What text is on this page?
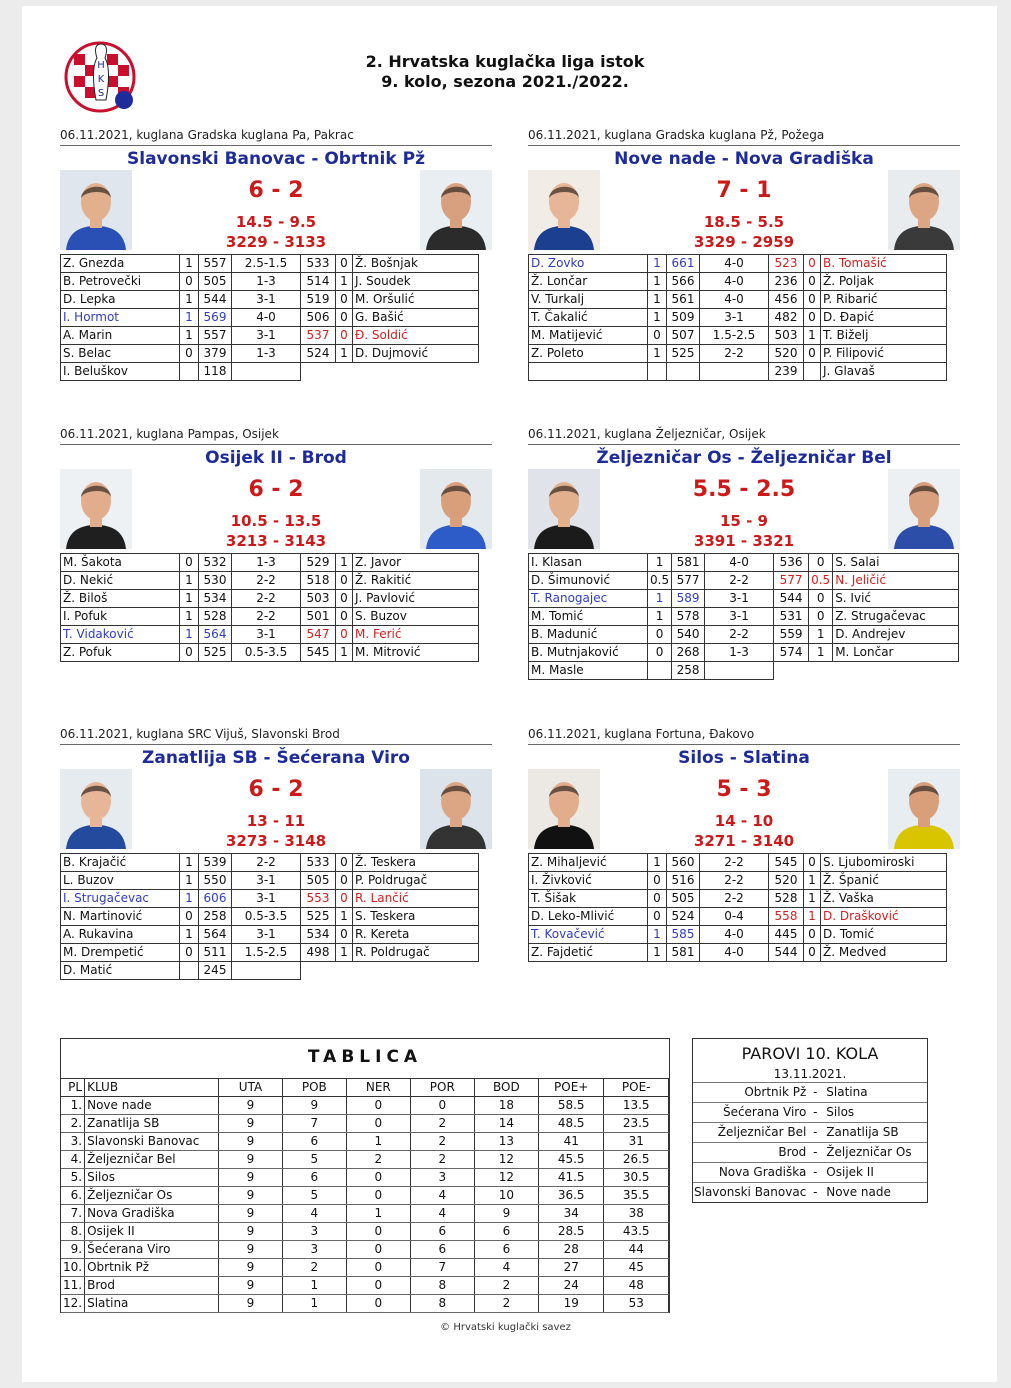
H
K
S
2. Hrvatska kuglačka liga istok
9. kolo, sezona 2021./2022.
06.11.2021, kuglana Gradska kuglana Pa, Pakrac
Slavonski Banovac - Obrtnik Pž
6 - 2
14.5 - 9.5
3229 - 3133
Z. Gnezda	1	557	2.5-1.5	533	0	Ž. Bošnjak
B. Petrovečki	0	505	1-3	514	1	J. Soudek
D. Lepka	1	544	3-1	519	0	M. Oršulić
I. Hormot	1	569	4-0	506	0	G. Bašić
A. Marin	1	557	3-1	537	0	Đ. Soldić
S. Belac	0	379	1-3	524	1	D. Dujmović
I. Beluškov		118				
06.11.2021, kuglana Gradska kuglana Pž, Požega
Nove nade - Nova Gradiška
7 - 1
18.5 - 5.5
3329 - 2959
D. Zovko	1	661	4-0	523	0	B. Tomašić
Ž. Lončar	1	566	4-0	236	0	Ž. Poljak
V. Turkalj	1	561	4-0	456	0	P. Ribarić
T. Čakalić	1	509	3-1	482	0	D. Đapić
M. Matijević	0	507	1.5-2.5	503	1	T. Biželj
Z. Poleto	1	525	2-2	520	0	P. Filipović
				239		J. Glavaš
06.11.2021, kuglana Pampas, Osijek
Osijek II - Brod
6 - 2
10.5 - 13.5
3213 - 3143
M. Šakota	0	532	1-3	529	1	Z. Javor
D. Nekić	1	530	2-2	518	0	Ž. Rakitić
Ž. Biloš	1	534	2-2	503	0	J. Pavlović
I. Pofuk	1	528	2-2	501	0	S. Buzov
T. Vidaković	1	564	3-1	547	0	M. Ferić
Z. Pofuk	0	525	0.5-3.5	545	1	M. Mitrović
06.11.2021, kuglana Željezničar, Osijek
Željezničar Os - Željezničar Bel
5.5 - 2.5
15 - 9
3391 - 3321
I. Klasan	1	581	4-0	536	0	S. Salai
D. Šimunović	0.5	577	2-2	577	0.5	N. Jeličić
T. Ranogajec	1	589	3-1	544	0	S. Ivić
M. Tomić	1	578	3-1	531	0	Z. Strugačevac
B. Madunić	0	540	2-2	559	1	D. Andrejev
B. Mutnjaković	0	268	1-3	574	1	M. Lončar
M. Masle		258				
06.11.2021, kuglana SRC Vijuš, Slavonski Brod
Zanatlija SB - Šećerana Viro
6 - 2
13 - 11
3273 - 3148
B. Krajačić	1	539	2-2	533	0	Ž. Teskera
L. Buzov	1	550	3-1	505	0	P. Poldrugač
I. Strugačevac	1	606	3-1	553	0	R. Lančić
N. Martinović	0	258	0.5-3.5	525	1	S. Teskera
A. Rukavina	1	564	3-1	534	0	R. Kereta
M. Drempetić	0	511	1.5-2.5	498	1	R. Poldrugač
D. Matić		245				
06.11.2021, kuglana Fortuna, Đakovo
Silos - Slatina
5 - 3
14 - 10
3271 - 3140
Z. Mihaljević	1	560	2-2	545	0	S. Ljubomiroski
I. Živković	0	516	2-2	520	1	Ž. Španić
T. Šišak	0	505	2-2	528	1	Ž. Vaška
D. Leko-Mlivić	0	524	0-4	558	1	D. Drašković
T. Kovačević	1	585	4-0	445	0	D. Tomić
Z. Fajdetić	1	581	4-0	544	0	Ž. Medved
TABLICA
PL	KLUB	UTA	POB	NER	POR	BOD	POE+	POE-
1.	Nove nade	9	9	0	0	18	58.5	13.5
2.	Zanatlija SB	9	7	0	2	14	48.5	23.5
3.	Slavonski Banovac	9	6	1	2	13	41	31
4.	Željezničar Bel	9	5	2	2	12	45.5	26.5
5.	Silos	9	6	0	3	12	41.5	30.5
6.	Željezničar Os	9	5	0	4	10	36.5	35.5
7.	Nova Gradiška	9	4	1	4	9	34	38
8.	Osijek II	9	3	0	6	6	28.5	43.5
9.	Šećerana Viro	9	3	0	6	6	28	44
10.	Obrtnik Pž	9	2	0	7	4	27	45
11.	Brod	9	1	0	8	2	24	48
12.	Slatina	9	1	0	8	2	19	53
PAROVI 10. KOLA
13.11.2021.
Obrtnik Pž	-	Slatina
Šećerana Viro	-	Silos
Željezničar Bel	-	Zanatlija SB
Brod	-	Željezničar Os
Nova Gradiška	-	Osijek II
Slavonski Banovac	-	Nove nade
© Hrvatski kuglački savez
